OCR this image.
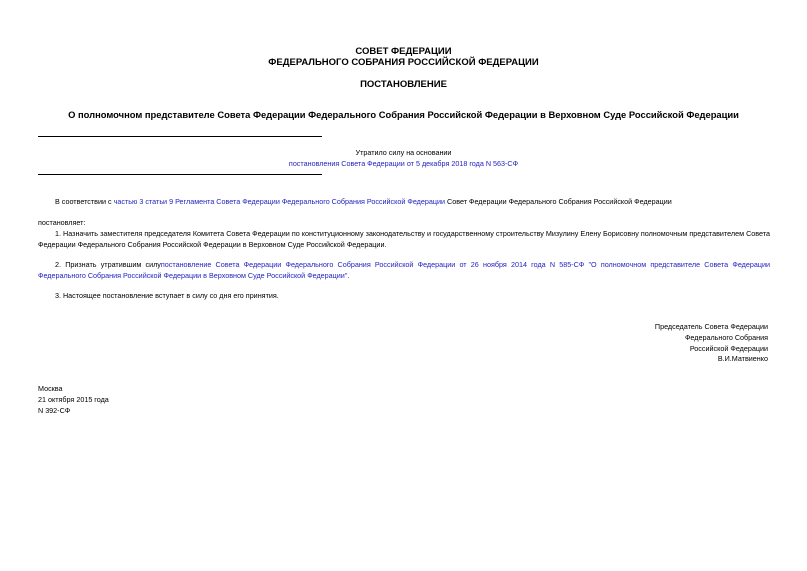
СОВЕТ ФЕДЕРАЦИИ
ФЕДЕРАЛЬНОГО СОБРАНИЯ РОССИЙСКОЙ ФЕДЕРАЦИИ
ПОСТАНОВЛЕНИЕ
О полномочном представителе Совета Федерации Федерального Собрания Российской Федерации в Верховном Суде Российской Федерации
Утратило силу на основании
постановления Совета Федерации от 5 декабря 2018 года N 563-СФ
В соответствии с частью 3 статьи 9 Регламента Совета Федерации Федерального Собрания Российской Федерации Совет Федерации Федерального Собрания Российской Федерации
постановляет:
1. Назначить заместителя председателя Комитета Совета Федерации по конституционному законодательству и государственному строительству Мизулину Елену Борисовну полномочным представителем Совета Федерации Федерального Собрания Российской Федерации в Верховном Суде Российской Федерации.
2. Признать утратившим силупостановление Совета Федерации Федерального Собрания Российской Федерации от 26 ноября 2014 года N 585-СФ "О полномочном представителе Совета Федерации Федерального Собрания Российской Федерации в Верховном Суде Российской Федерации".
3. Настоящее постановление вступает в силу со дня его принятия.
Председатель Совета Федерации
Федерального Собрания
Российской Федерации
В.И.Матвиенко
Москва
21 октября 2015 года
N 392-СФ
